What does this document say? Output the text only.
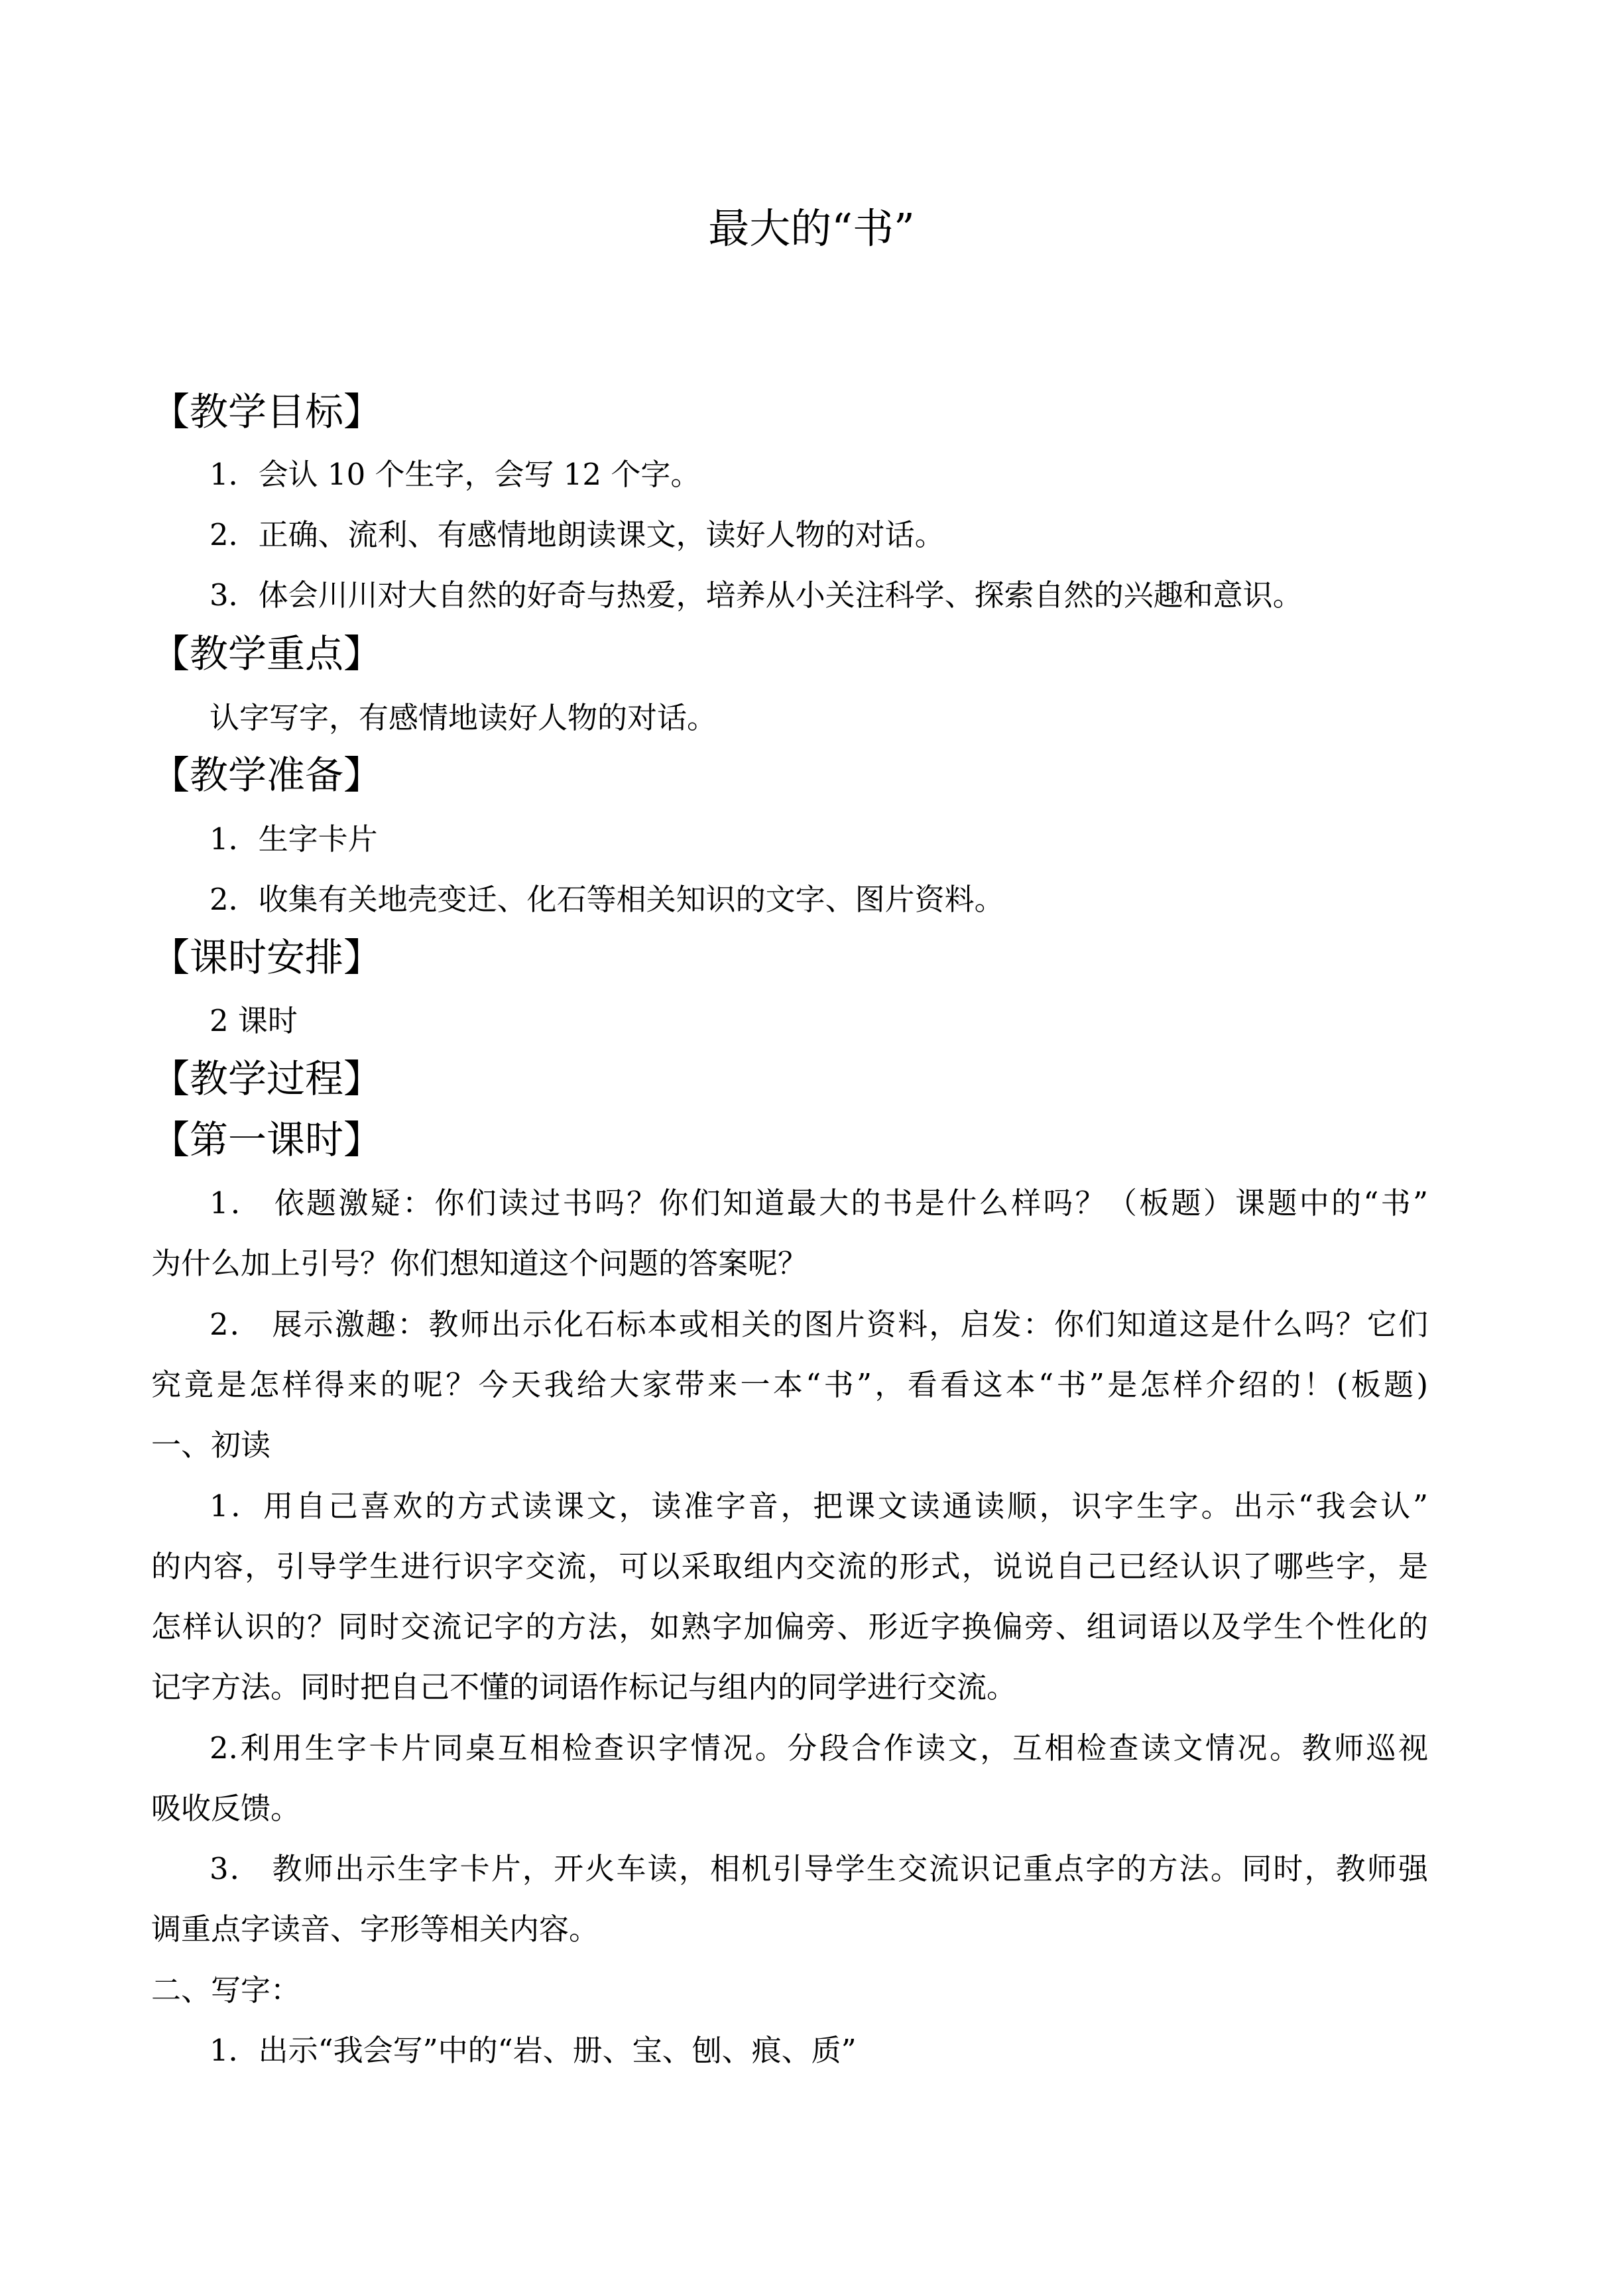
最大的“书”
【教学目标】
1．会认 10 个生字，会写 12 个字。
2．正确、流利、有感情地朗读课文，读好人物的对话。
3．体会川川对大自然的好奇与热爱，培养从小关注科学、探索自然的兴趣和意识。
【教学重点】
认字写字，有感情地读好人物的对话。
【教学准备】
1．生字卡片
2．收集有关地壳变迁、化石等相关知识的文字、图片资料。
【课时安排】
2 课时
【教学过程】
【第一课时】
1． 依题激疑：你们读过书吗？你们知道最大的书是什么样吗？（板题）课题中的“书”
为什么加上引号？你们想知道这个问题的答案呢？
2． 展示激趣：教师出示化石标本或相关的图片资料，启发：你们知道这是什么吗？它们
究竟是怎样得来的呢？今天我给大家带来一本“书”，看看这本“书”是怎样介绍的！(板题)
一、初读
1．用自己喜欢的方式读课文，读准字音，把课文读通读顺，识字生字。出示“我会认”
的内容，引导学生进行识字交流，可以采取组内交流的形式，说说自己已经认识了哪些字，是
怎样认识的？同时交流记字的方法，如熟字加偏旁、形近字换偏旁、组词语以及学生个性化的
记字方法。同时把自己不懂的词语作标记与组内的同学进行交流。
2.利用生字卡片同桌互相检查识字情况。分段合作读文，互相检查读文情况。教师巡视
吸收反馈。
3． 教师出示生字卡片，开火车读，相机引导学生交流识记重点字的方法。同时，教师强
调重点字读音、字形等相关内容。
二、写字：
1．出示“我会写”中的“岩、册、宝、刨、痕、质”
